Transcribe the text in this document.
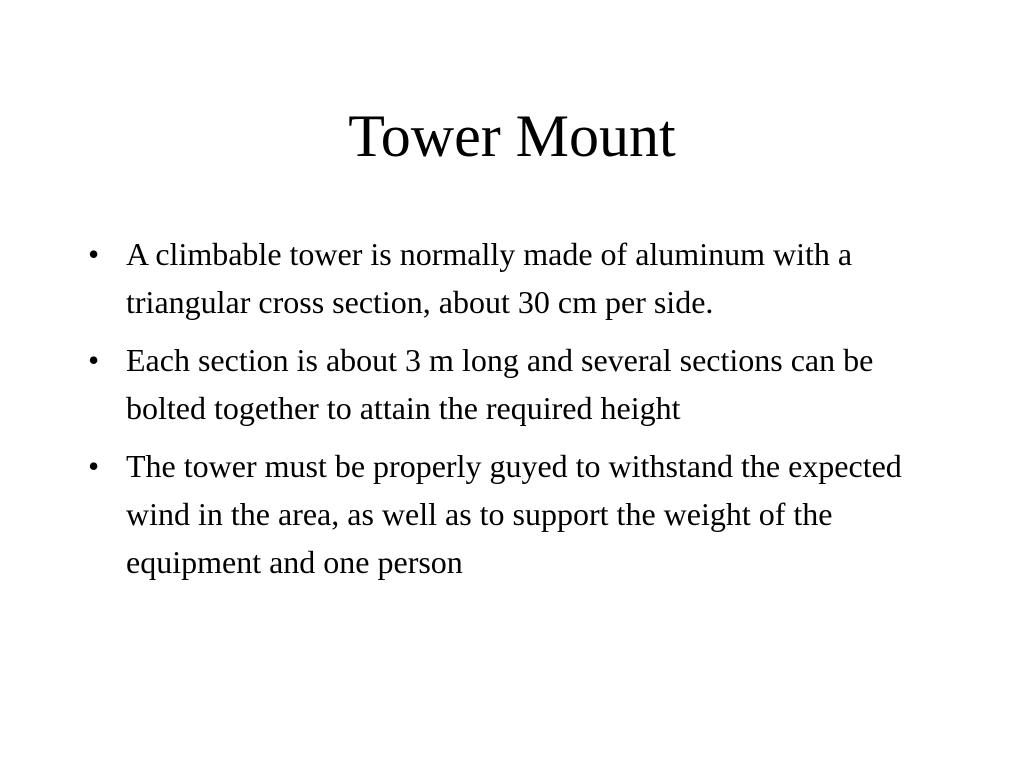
Tower Mount
• A climbable tower is normally made of aluminum with a triangular cross section, about 30 cm per side.
• Each section is about 3 m long and several sections can be bolted together to attain the required height
• The tower must be properly guyed to withstand the expected wind in the area, as well as to support the weight of the equipment and one person
